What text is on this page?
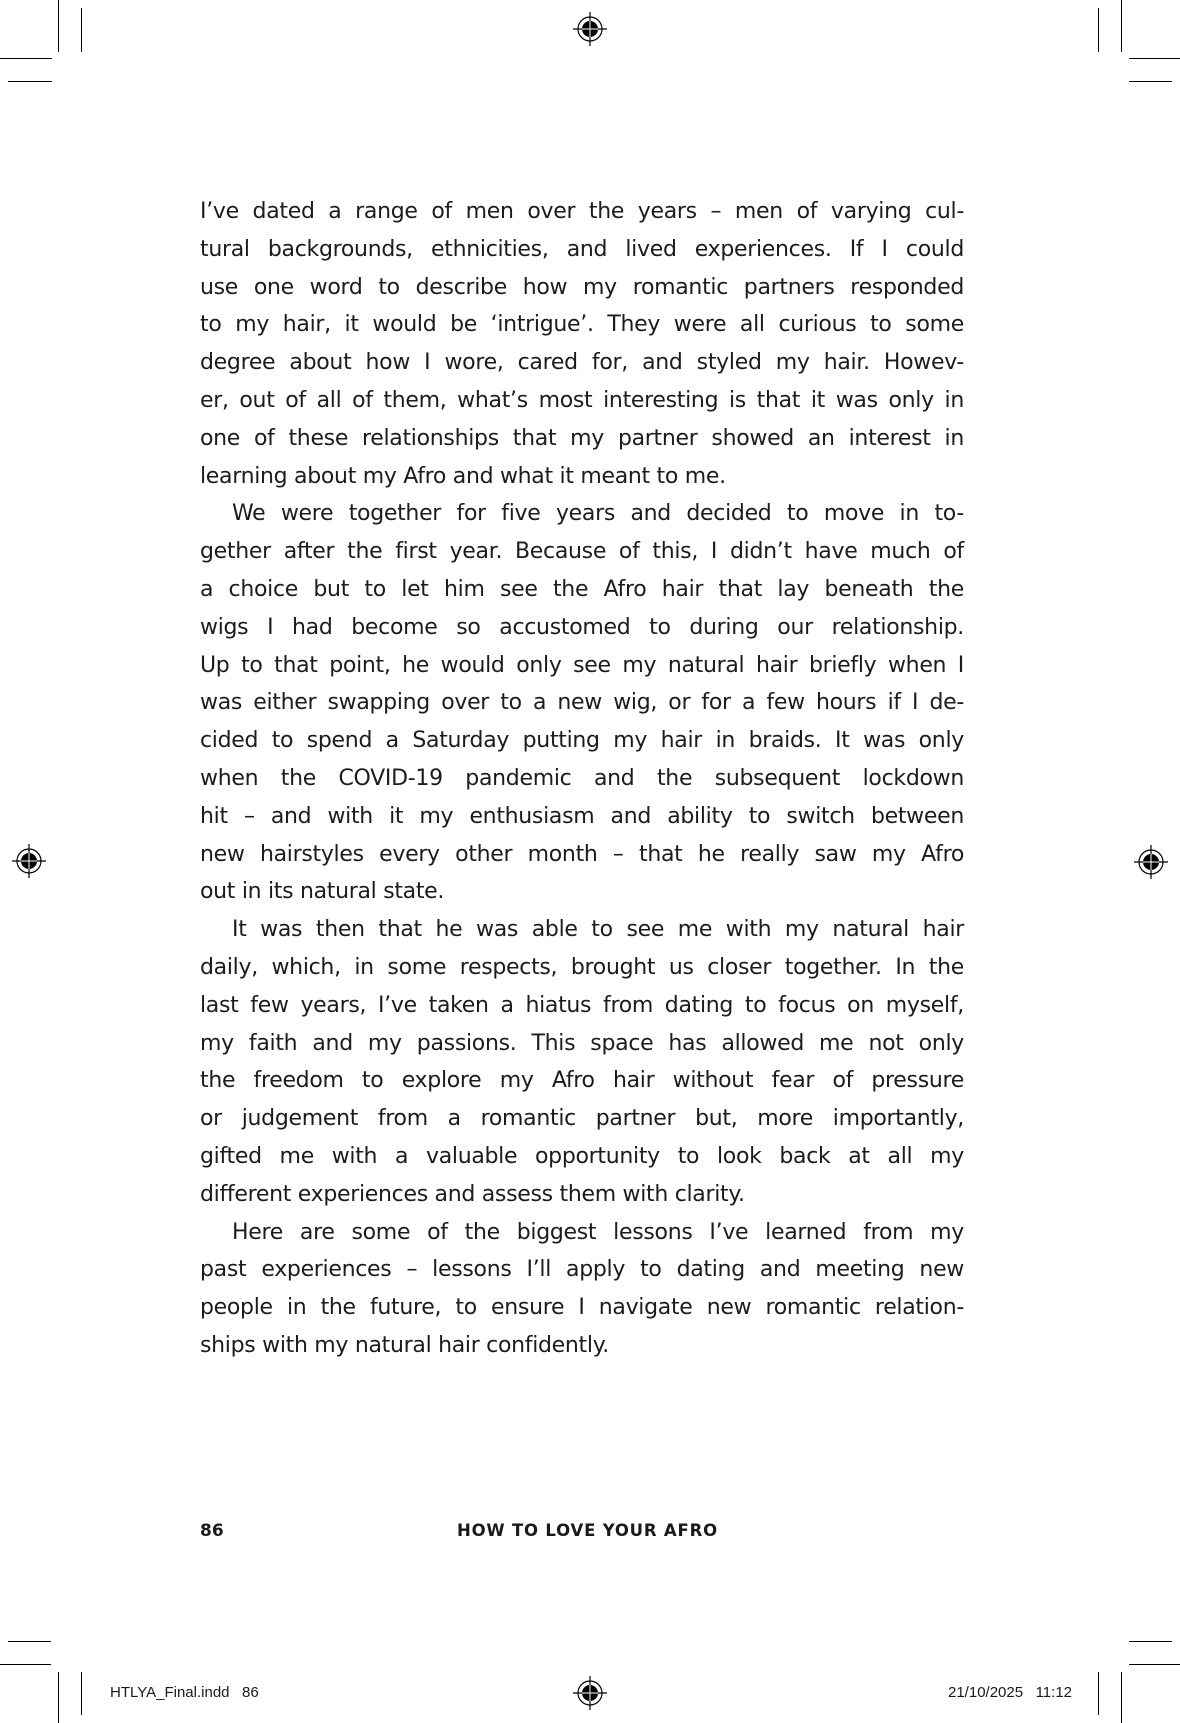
I’ve dated a range of men over the years – men of varying cul-
tural backgrounds, ethnicities, and lived experiences. If I could
use one word to describe how my romantic partners responded
to my hair, it would be ‘intrigue’. They were all curious to some
degree about how I wore, cared for, and styled my hair. Howev-
er, out of all of them, what’s most interesting is that it was only in
one of these relationships that my partner showed an interest in
learning about my Afro and what it meant to me.
We were together for five years and decided to move in to-
gether after the first year. Because of this, I didn’t have much of
a choice but to let him see the Afro hair that lay beneath the
wigs I had become so accustomed to during our relationship.
Up to that point, he would only see my natural hair briefly when I
was either swapping over to a new wig, or for a few hours if I de-
cided to spend a Saturday putting my hair in braids. It was only
when the COVID-19 pandemic and the subsequent lockdown
hit – and with it my enthusiasm and ability to switch between
new hairstyles every other month – that he really saw my Afro
out in its natural state.
It was then that he was able to see me with my natural hair
daily, which, in some respects, brought us closer together. In the
last few years, I’ve taken a hiatus from dating to focus on myself,
my faith and my passions. This space has allowed me not only
the freedom to explore my Afro hair without fear of pressure
or judgement from a romantic partner but, more importantly,
gifted me with a valuable opportunity to look back at all my
different experiences and assess them with clarity.
Here are some of the biggest lessons I’ve learned from my
past experiences – lessons I’ll apply to dating and meeting new
people in the future, to ensure I navigate new romantic relation-
ships with my natural hair confidently.
86	HOW TO LOVE YOUR AFRO
HTLYA_Final.indd   86	21/10/2025   11:12
